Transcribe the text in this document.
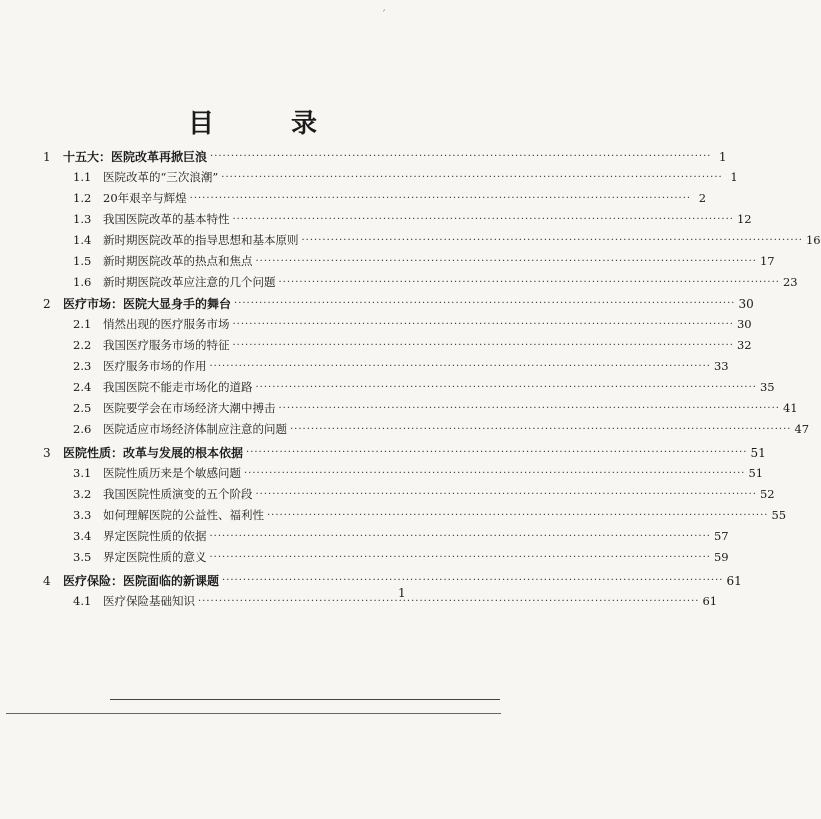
ˊ
目 录
1	十五大：医院改革再掀巨浪 ························································································································ 1
1.1	医院改革的“三次浪潮” ························································································································ 1
1.2	20年艰辛与辉煌 ························································································································ 2
1.3	我国医院改革的基本特性 ························································································································ 12
1.4	新时期医院改革的指导思想和基本原则 ························································································································ 16
1.5	新时期医院改革的热点和焦点 ························································································································ 17
1.6	新时期医院改革应注意的几个问题 ························································································································ 23
2	医疗市场：医院大显身手的舞台 ························································································································ 30
2.1	悄然出现的医疗服务市场 ························································································································ 30
2.2	我国医疗服务市场的特征 ························································································································ 32
2.3	医疗服务市场的作用 ························································································································ 33
2.4	我国医院不能走市场化的道路 ························································································································ 35
2.5	医院要学会在市场经济大潮中搏击 ························································································································ 41
2.6	医院适应市场经济体制应注意的问题 ························································································································ 47
3	医院性质：改革与发展的根本依据 ························································································································ 51
3.1	医院性质历来是个敏感问题 ························································································································ 51
3.2	我国医院性质演变的五个阶段 ························································································································ 52
3.3	如何理解医院的公益性、福利性 ························································································································ 55
3.4	界定医院性质的依据 ························································································································ 57
3.5	界定医院性质的意义 ························································································································ 59
4	医疗保险：医院面临的新课题 ························································································································ 61
4.1	医疗保险基础知识 ························································································································ 61
1
